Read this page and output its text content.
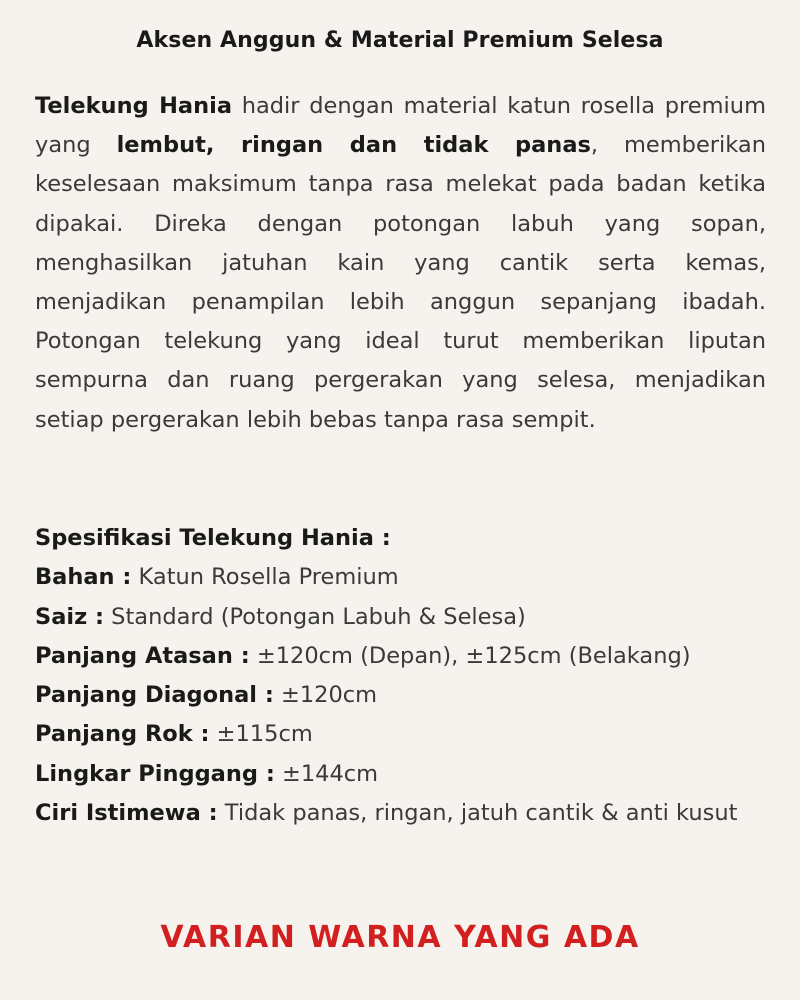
Aksen Anggun & Material Premium Selesa
Telekung Hania hadir dengan material katun rosella premium yang lembut, ringan dan tidak panas, memberikan keselesaan maksimum tanpa rasa melekat pada badan ketika dipakai. Direka dengan potongan labuh yang sopan, menghasilkan jatuhan kain yang cantik serta kemas, menjadikan penampilan lebih anggun sepanjang ibadah. Potongan telekung yang ideal turut memberikan liputan sempurna dan ruang pergerakan yang selesa, menjadikan setiap pergerakan lebih bebas tanpa rasa sempit.
Spesifikasi Telekung Hania :
Bahan : Katun Rosella Premium
Saiz : Standard (Potongan Labuh & Selesa)
Panjang Atasan : ±120cm (Depan), ±125cm (Belakang)
Panjang Diagonal : ±120cm
Panjang Rok : ±115cm
Lingkar Pinggang : ±144cm
Ciri Istimewa : Tidak panas, ringan, jatuh cantik & anti kusut
VARIAN WARNA YANG ADA
